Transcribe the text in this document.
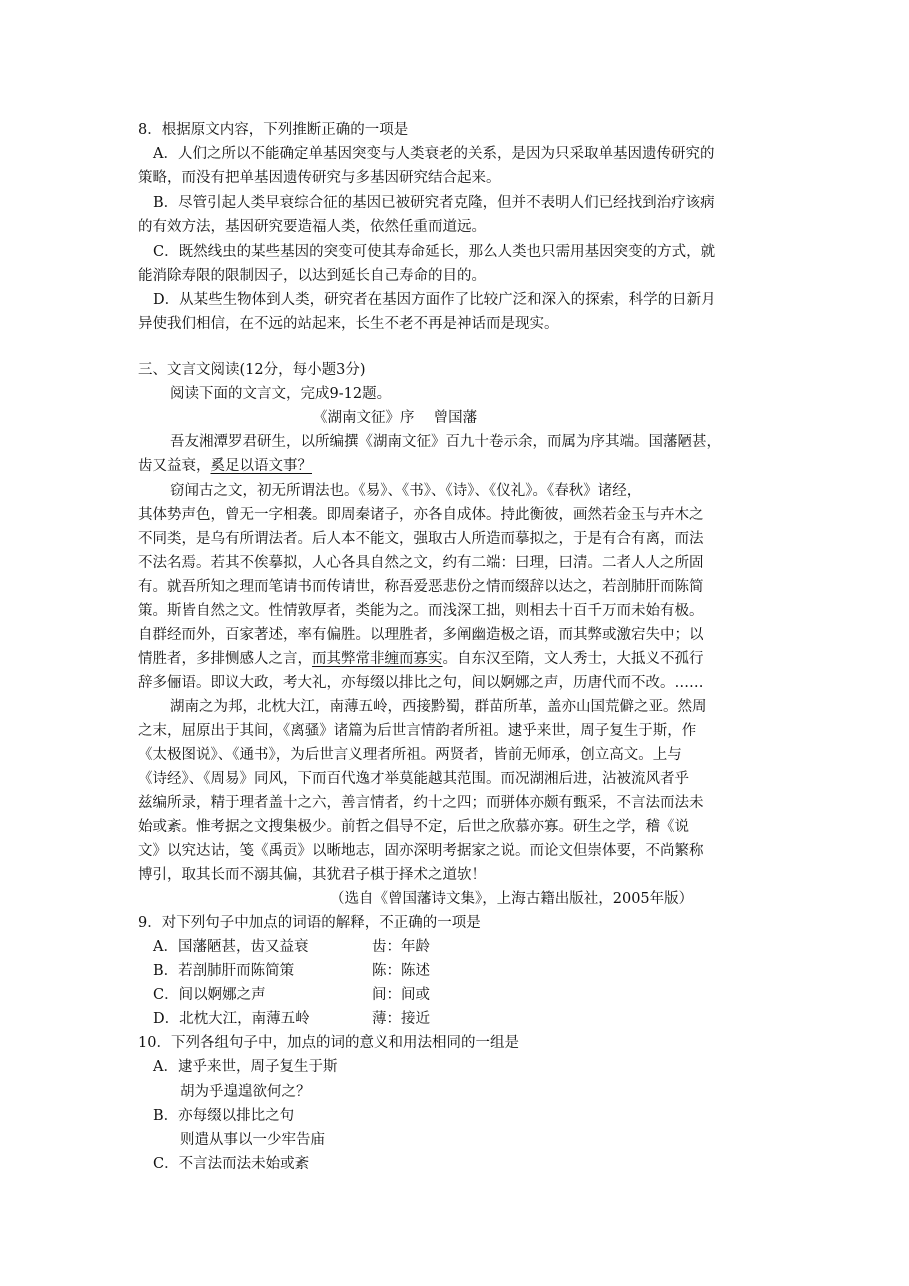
8．根据原文内容，下列推断正确的一项是
A．人们之所以不能确定单基因突变与人类衰老的关系，是因为只采取单基因遗传研究的
策略，而没有把单基因遗传研究与多基因研究结合起来。
B．尽管引起人类早衰综合征的基因已被研究者克隆，但并不表明人们已经找到治疗该病
的有效方法，基因研究要造福人类，依然任重而道远。
C．既然线虫的某些基因的突变可使其寿命延长，那么人类也只需用基因突变的方式，就
能消除寿限的限制因子，以达到延长自己寿命的目的。
D．从某些生物体到人类，研究者在基因方面作了比较广泛和深入的探索，科学的日新月
异使我们相信，在不远的站起来，长生不老不再是神话而是现实。
三、文言文阅读(12分，每小题3分)
阅读下面的文言文，完成9-12题。
《湖南文征》序　 曾国藩
吾友湘潭罗君研生，以所编撰《湖南文征》百九十卷示余，而属为序其端。国藩陋甚，
齿又益衰，奚足以语文事？
窃闻古之文，初无所谓法也。《易》、《书》、《诗》、《仪礼》。《春秋》诸经，
其体势声色，曾无一字相袭。即周秦诸子，亦各自成体。持此衡彼，画然若金玉与卉木之
不同类，是乌有所谓法者。后人本不能文，强取古人所造而摹拟之，于是有合有离，而法
不法名焉。若其不俟摹拟，人心各具自然之文，约有二端：曰理，曰清。二者人人之所固
有。就吾所知之理而笔请书而传请世，称吾爱恶悲份之情而缀辞以达之，若剖肺肝而陈简
策。斯皆自然之文。性情敦厚者，类能为之。而浅深工拙，则相去十百千万而未始有极。
自群经而外，百家著述，率有偏胜。以理胜者，多阐幽造极之语，而其弊或激宕失中；以
情胜者，多排恻感人之言，而其弊常非缠而寡实。自东汉至隋，文人秀士，大抵义不孤行
辞多俪语。即议大政，考大礼，亦每缀以排比之句，间以婀娜之声，历唐代而不改。……
湖南之为邦，北枕大江，南薄五岭，西接黔蜀，群苗所革，盖亦山国荒僻之亚。然周
之末，屈原出于其间，《离骚》诸篇为后世言情韵者所祖。逮乎来世，周子复生于斯，作
《太极图说》、《通书》，为后世言义理者所祖。两贤者，皆前无师承，创立高文。上与
《诗经》、《周易》同风，下而百代逸才举莫能越其范围。而况湖湘后进，沾被流风者乎
兹编所录，精于理者盖十之六，善言情者，约十之四；而骈体亦颇有甄采，不言法而法未
始或紊。惟考据之文搜集极少。前哲之倡导不定，后世之欣慕亦寡。研生之学，稽《说
文》以究达诂，笺《禹贡》以晰地志，固亦深明考据家之说。而论文但崇体要，不尚繁称
博引，取其长而不溺其偏，其犹君子棋于择术之道欤！
（选自《曾国藩诗文集》，上海古籍出版社，2005年版）
9．对下列句子中加点的词语的解释，不正确的一项是
A．国藩陋甚，齿又益衰	齿：年龄
B．若剖肺肝而陈简策	陈：陈述
C．间以婀娜之声	间：间或
D．北枕大江，南薄五岭	薄：接近
10．下列各组句子中，加点的词的意义和用法相同的一组是
A．逮乎来世，周子复生于斯
胡为乎遑遑欲何之？
B．亦每缀以排比之句
则遣从事以一少牢告庙
C．不言法而法未始或紊
